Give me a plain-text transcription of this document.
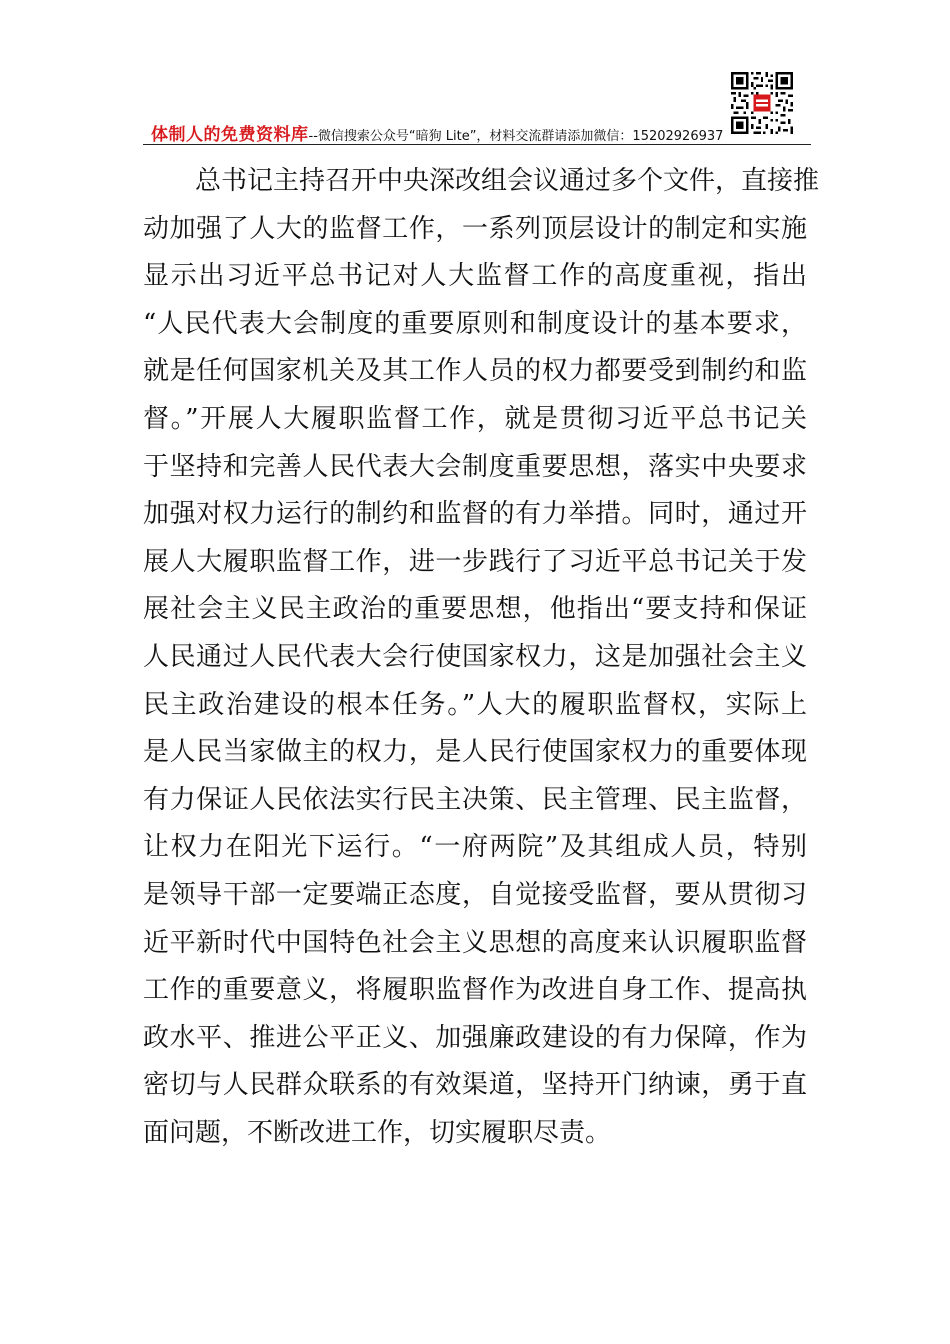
体制人的免费资料库--微信搜索公众号“暗狗 Lite”，材料交流群请添加微信：15202926937
　　总书记主持召开中央深改组会议通过多个文件，直接推
动加强了人大的监督工作，一系列顶层设计的制定和实施
显示出习近平总书记对人大监督工作的高度重视，指出
“人民代表大会制度的重要原则和制度设计的基本要求，
就是任何国家机关及其工作人员的权力都要受到制约和监
督。”开展人大履职监督工作，就是贯彻习近平总书记关
于坚持和完善人民代表大会制度重要思想，落实中央要求
加强对权力运行的制约和监督的有力举措。同时，通过开
展人大履职监督工作，进一步践行了习近平总书记关于发
展社会主义民主政治的重要思想，他指出“要支持和保证
人民通过人民代表大会行使国家权力，这是加强社会主义
民主政治建设的根本任务。”人大的履职监督权，实际上
是人民当家做主的权力，是人民行使国家权力的重要体现
有力保证人民依法实行民主决策、民主管理、民主监督，
让权力在阳光下运行。“一府两院”及其组成人员，特别
是领导干部一定要端正态度，自觉接受监督，要从贯彻习
近平新时代中国特色社会主义思想的高度来认识履职监督
工作的重要意义，将履职监督作为改进自身工作、提高执
政水平、推进公平正义、加强廉政建设的有力保障，作为
密切与人民群众联系的有效渠道，坚持开门纳谏，勇于直
面问题，不断改进工作，切实履职尽责。
